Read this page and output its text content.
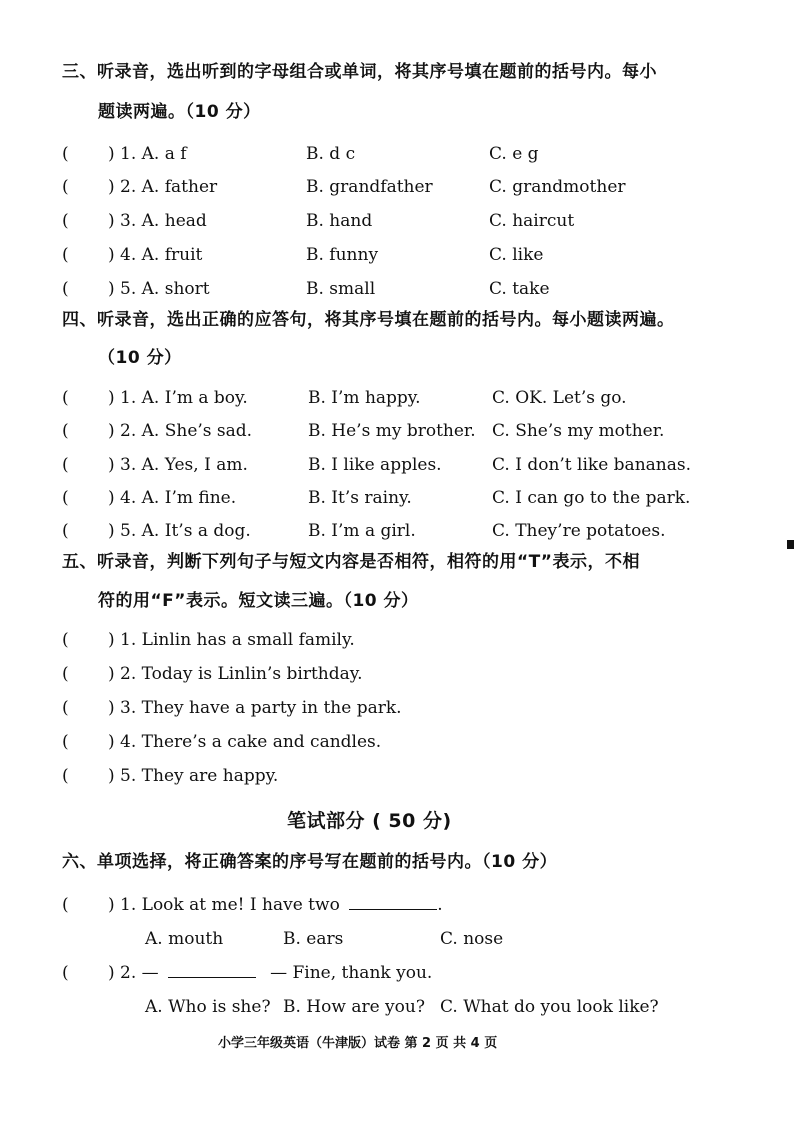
三、听录音，选出听到的字母组合或单词，将其序号填在题前的括号内。每小
题读两遍。（10 分）
( ) 1. A. a f	B. d c	C. e g
( ) 2. A. father	B. grandfather	C. grandmother
( ) 3. A. head	B. hand	C. haircut
( ) 4. A. fruit	B. funny	C. like
( ) 5. A. short	B. small	C. take
四、听录音，选出正确的应答句，将其序号填在题前的括号内。每小题读两遍。
（10 分）
( ) 1. A. I’m a boy.	B. I’m happy.	C. OK. Let’s go.
( ) 2. A. She’s sad.	B. He’s my brother. C. She’s my mother.
( ) 3. A. Yes, I am.	B. I like apples.	C. I don’t like bananas.
( ) 4. A. I’m fine.	B. It’s rainy.	C. I can go to the park.
( ) 5. A. It’s a dog.	B. I’m a girl.	C. They’re potatoes.
五、听录音，判断下列句子与短文内容是否相符，相符的用“T”表示，不相
符的用“F”表示。短文读三遍。（10 分）
( ) 1. Linlin has a small family.
( ) 2. Today is Linlin’s birthday.
( ) 3. They have a party in the park.
( ) 4. There’s a cake and candles.
( ) 5. They are happy.
笔试部分 ( 50 分)
六、单项选择，将正确答案的序号写在题前的括号内。（10 分）
( ) 1. Look at me! I have two	.
A. mouth	B. ears	C. nose
( ) 2. —	— Fine, thank you.
A. Who is she? B. How are you? C. What do you look like?
小学三年级英语（牛津版）试卷 第 2 页 共 4 页
